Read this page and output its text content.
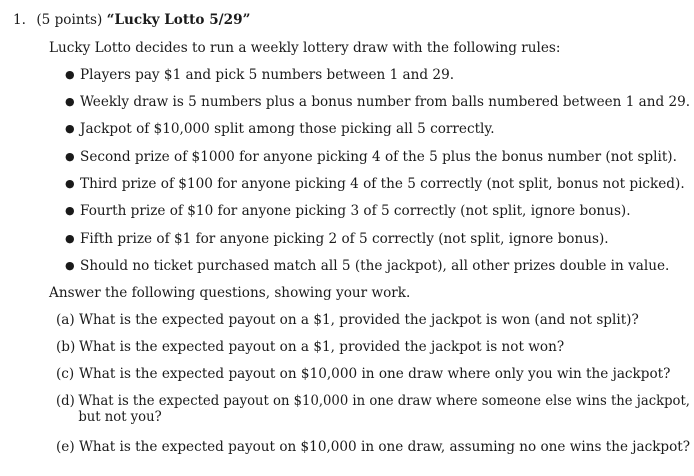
1. (5 points) “Lucky Lotto 5/29”
Lucky Lotto decides to run a weekly lottery draw with the following rules:
● Players pay $1 and pick 5 numbers between 1 and 29.
● Weekly draw is 5 numbers plus a bonus number from balls numbered between 1 and 29.
● Jackpot of $10,000 split among those picking all 5 correctly.
● Second prize of $1000 for anyone picking 4 of the 5 plus the bonus number (not split).
● Third prize of $100 for anyone picking 4 of the 5 correctly (not split, bonus not picked).
● Fourth prize of $10 for anyone picking 3 of 5 correctly (not split, ignore bonus).
● Fifth prize of $1 for anyone picking 2 of 5 correctly (not split, ignore bonus).
● Should no ticket purchased match all 5 (the jackpot), all other prizes double in value.
Answer the following questions, showing your work.
(a) What is the expected payout on a $1, provided the jackpot is won (and not split)?
(b) What is the expected payout on a $1, provided the jackpot is not won?
(c) What is the expected payout on $10,000 in one draw where only you win the jackpot?
(d) What is the expected payout on $10,000 in one draw where someone else wins the jackpot,
but not you?
(e) What is the expected payout on $10,000 in one draw, assuming no one wins the jackpot?
